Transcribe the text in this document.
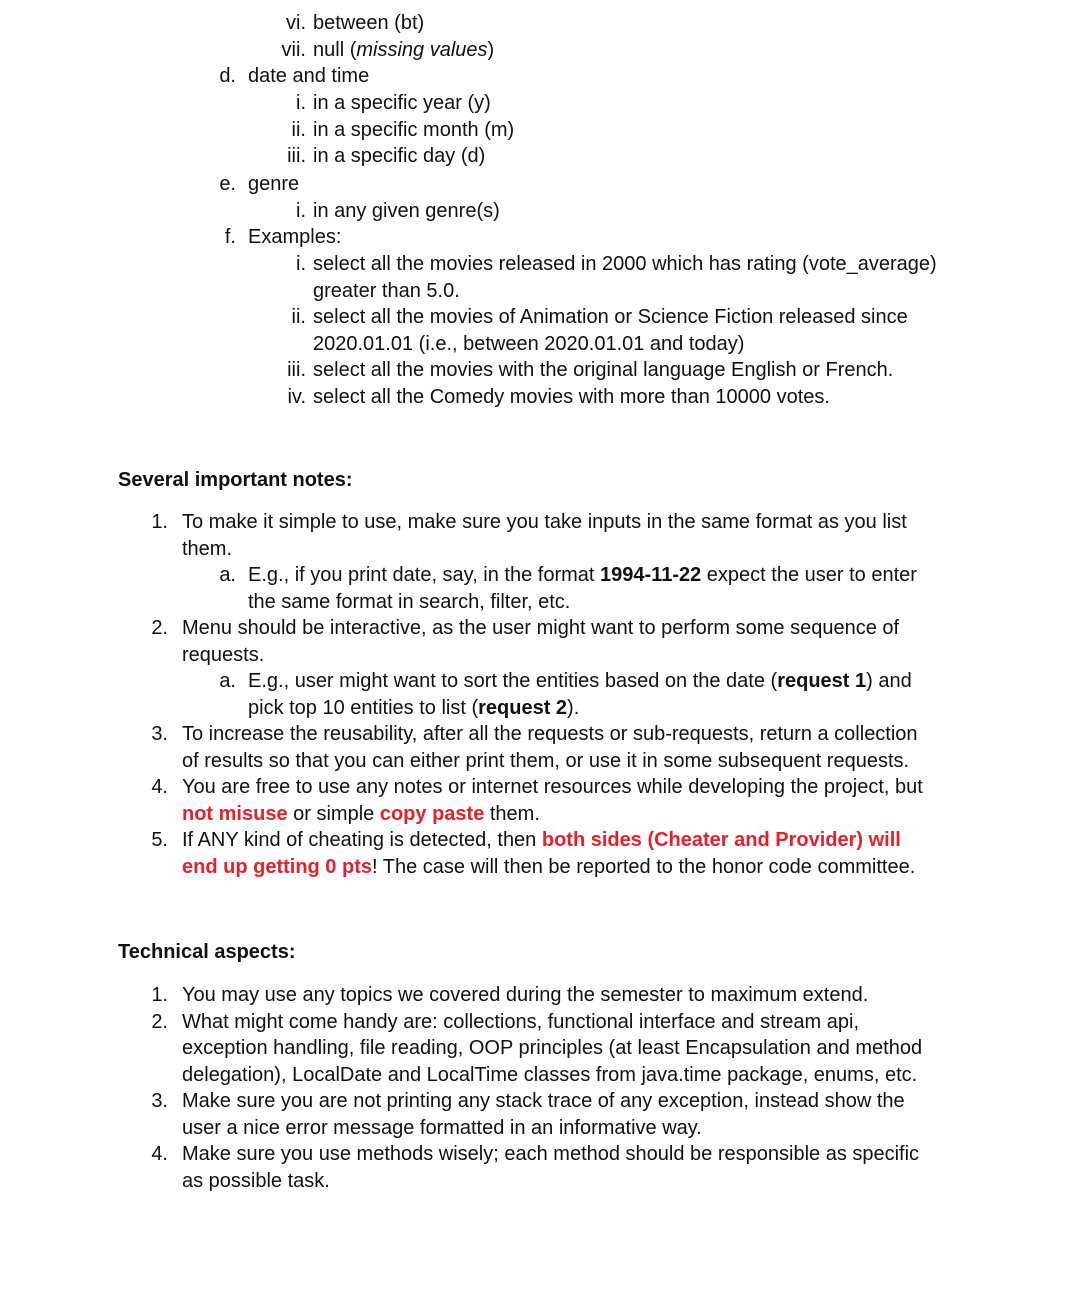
vi. between (bt)
vii. null (missing values)
d. date and time
i. in a specific year (y)
ii. in a specific month (m)
iii. in a specific day (d)
e. genre
i. in any given genre(s)
f. Examples:
i. select all the movies released in 2000 which has rating (vote_average)
greater than 5.0.
ii. select all the movies of Animation or Science Fiction released since
2020.01.01 (i.e., between 2020.01.01 and today)
iii. select all the movies with the original language English or French.
iv. select all the Comedy movies with more than 10000 votes.
Several important notes:
1. To make it simple to use, make sure you take inputs in the same format as you list
them.
a. E.g., if you print date, say, in the format 1994-11-22 expect the user to enter
the same format in search, filter, etc.
2. Menu should be interactive, as the user might want to perform some sequence of
requests.
a. E.g., user might want to sort the entities based on the date (request 1) and
pick top 10 entities to list (request 2).
3. To increase the reusability, after all the requests or sub-requests, return a collection
of results so that you can either print them, or use it in some subsequent requests.
4. You are free to use any notes or internet resources while developing the project, but
not misuse or simple copy paste them.
5. If ANY kind of cheating is detected, then both sides (Cheater and Provider) will
end up getting 0 pts! The case will then be reported to the honor code committee.
Technical aspects:
1. You may use any topics we covered during the semester to maximum extend.
2. What might come handy are: collections, functional interface and stream api,
exception handling, file reading, OOP principles (at least Encapsulation and method
delegation), LocalDate and LocalTime classes from java.time package, enums, etc.
3. Make sure you are not printing any stack trace of any exception, instead show the
user a nice error message formatted in an informative way.
4. Make sure you use methods wisely; each method should be responsible as specific
as possible task.
